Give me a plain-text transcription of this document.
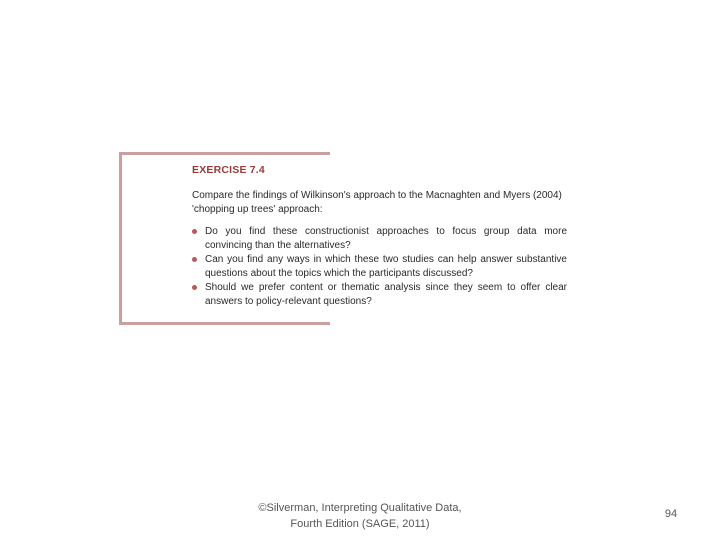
EXERCISE 7.4
Compare the findings of Wilkinson's approach to the Macnaghten and Myers (2004) 'chopping up trees' approach:
Do you find these constructionist approaches to focus group data more convincing than the alternatives?
Can you find any ways in which these two studies can help answer substantive questions about the topics which the participants discussed?
Should we prefer content or thematic analysis since they seem to offer clear answers to policy-relevant questions?
©Silverman, Interpreting Qualitative Data,
Fourth Edition (SAGE, 2011)
94
